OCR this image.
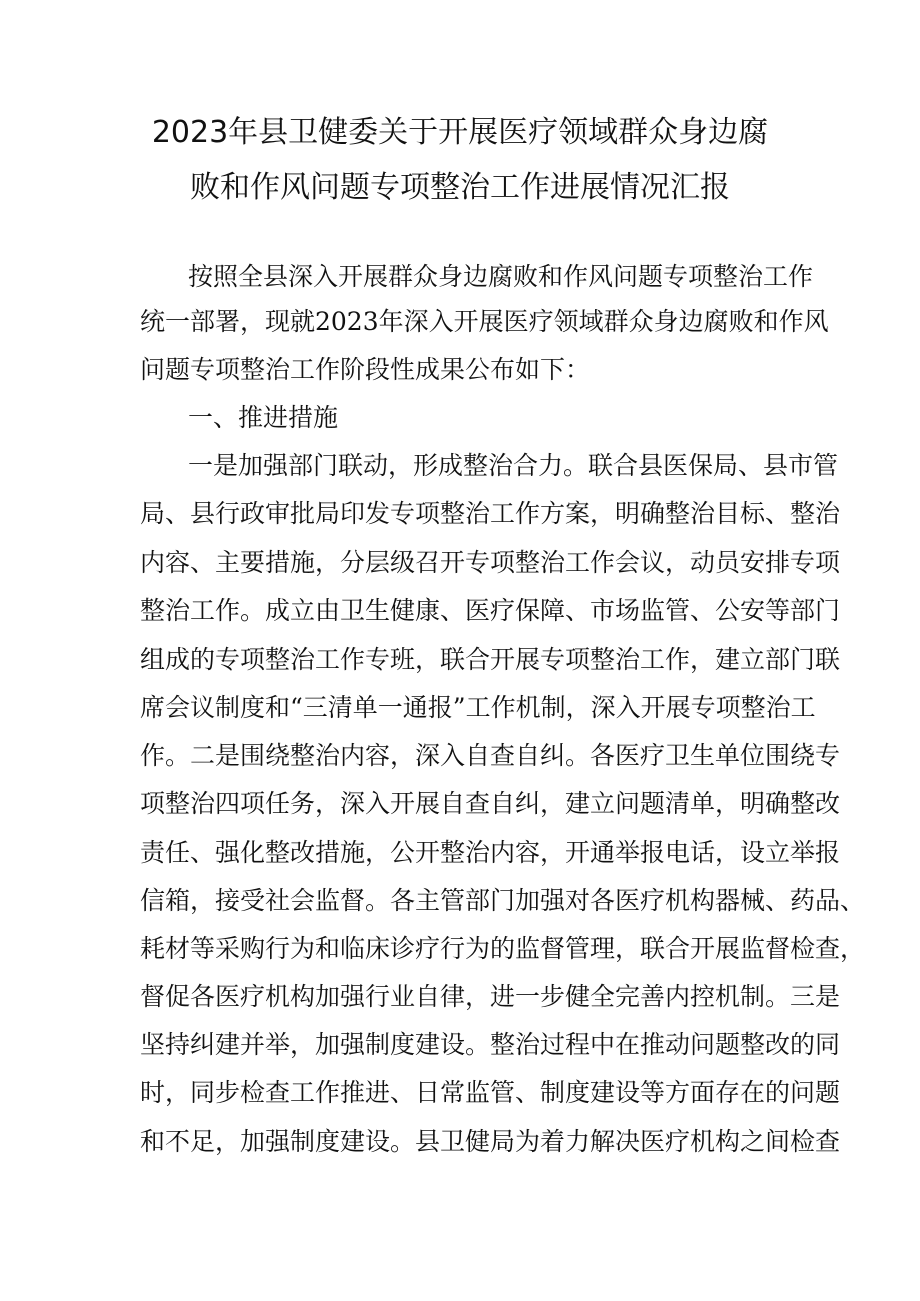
2023年县卫健委关于开展医疗领域群众身边腐
败和作风问题专项整治工作进展情况汇报

按照全县深入开展群众身边腐败和作风问题专项整治工作

统一部署，现就2023年深入开展医疗领域群众身边腐败和作风

问题专项整治工作阶段性成果公布如下：

一、推进措施

一是加强部门联动，形成整治合力。联合县医保局、县市管

局、县行政审批局印发专项整治工作方案，明确整治目标、整治

内容、主要措施，分层级召开专项整治工作会议，动员安排专项

整治工作。成立由卫生健康、医疗保障、市场监管、公安等部门

组成的专项整治工作专班，联合开展专项整治工作，建立部门联

席会议制度和“三清单一通报”工作机制，深入开展专项整治工

作。二是围绕整治内容，深入自查自纠。各医疗卫生单位围绕专

项整治四项任务，深入开展自查自纠，建立问题清单，明确整改

责任、强化整改措施，公开整治内容，开通举报电话，设立举报

信箱，接受社会监督。各主管部门加强对各医疗机构器械、药品、

耗材等采购行为和临床诊疗行为的监督管理，联合开展监督检查，

督促各医疗机构加强行业自律，进一步健全完善内控机制。三是

坚持纠建并举，加强制度建设。整治过程中在推动问题整改的同

时，同步检查工作推进、日常监管、制度建设等方面存在的问题

和不足，加强制度建设。县卫健局为着力解决医疗机构之间检查
